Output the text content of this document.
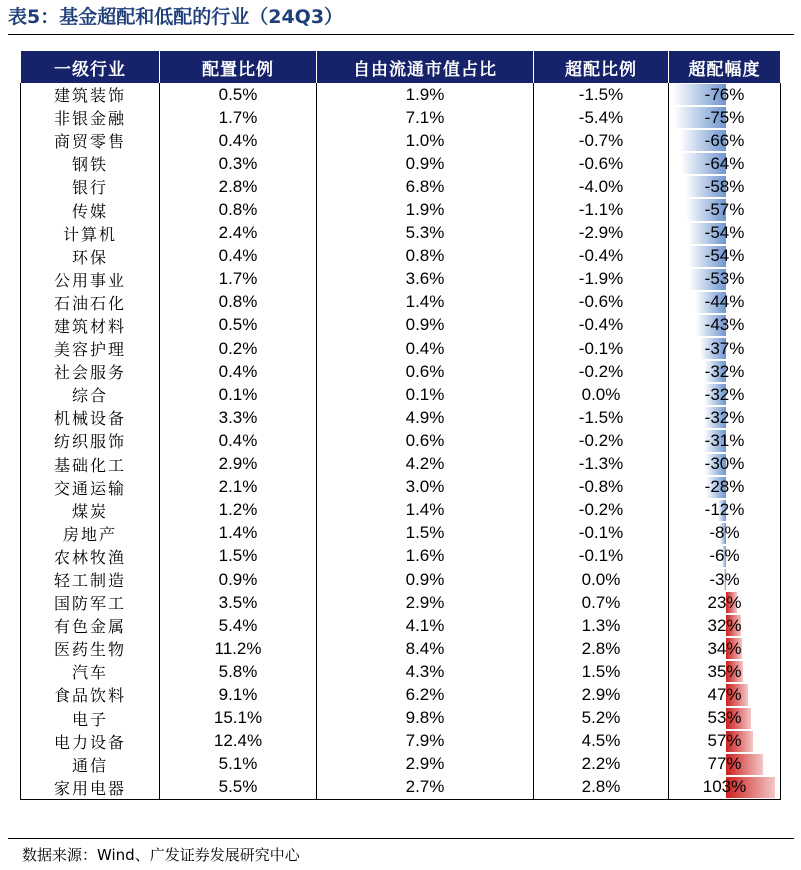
表5：基金超配和低配的行业（24Q3）
一级行业	配置比例	自由流通市值占比	超配比例	超配幅度
建筑装饰	0.5%	1.9%	-1.5%	-76%
非银金融	1.7%	7.1%	-5.4%	-75%
商贸零售	0.4%	1.0%	-0.7%	-66%
钢铁	0.3%	0.9%	-0.6%	-64%
银行	2.8%	6.8%	-4.0%	-58%
传媒	0.8%	1.9%	-1.1%	-57%
计算机	2.4%	5.3%	-2.9%	-54%
环保	0.4%	0.8%	-0.4%	-54%
公用事业	1.7%	3.6%	-1.9%	-53%
石油石化	0.8%	1.4%	-0.6%	-44%
建筑材料	0.5%	0.9%	-0.4%	-43%
美容护理	0.2%	0.4%	-0.1%	-37%
社会服务	0.4%	0.6%	-0.2%	-32%
综合	0.1%	0.1%	0.0%	-32%
机械设备	3.3%	4.9%	-1.5%	-32%
纺织服饰	0.4%	0.6%	-0.2%	-31%
基础化工	2.9%	4.2%	-1.3%	-30%
交通运输	2.1%	3.0%	-0.8%	-28%
煤炭	1.2%	1.4%	-0.2%	-12%
房地产	1.4%	1.5%	-0.1%	-8%
农林牧渔	1.5%	1.6%	-0.1%	-6%
轻工制造	0.9%	0.9%	0.0%	-3%
国防军工	3.5%	2.9%	0.7%	23%
有色金属	5.4%	4.1%	1.3%	32%
医药生物	11.2%	8.4%	2.8%	34%
汽车	5.8%	4.3%	1.5%	35%
食品饮料	9.1%	6.2%	2.9%	47%
电子	15.1%	9.8%	5.2%	53%
电力设备	12.4%	7.9%	4.5%	57%
通信	5.1%	2.9%	2.2%	77%
家用电器	5.5%	2.7%	2.8%	103%
数据来源：Wind、广发证券发展研究中心
